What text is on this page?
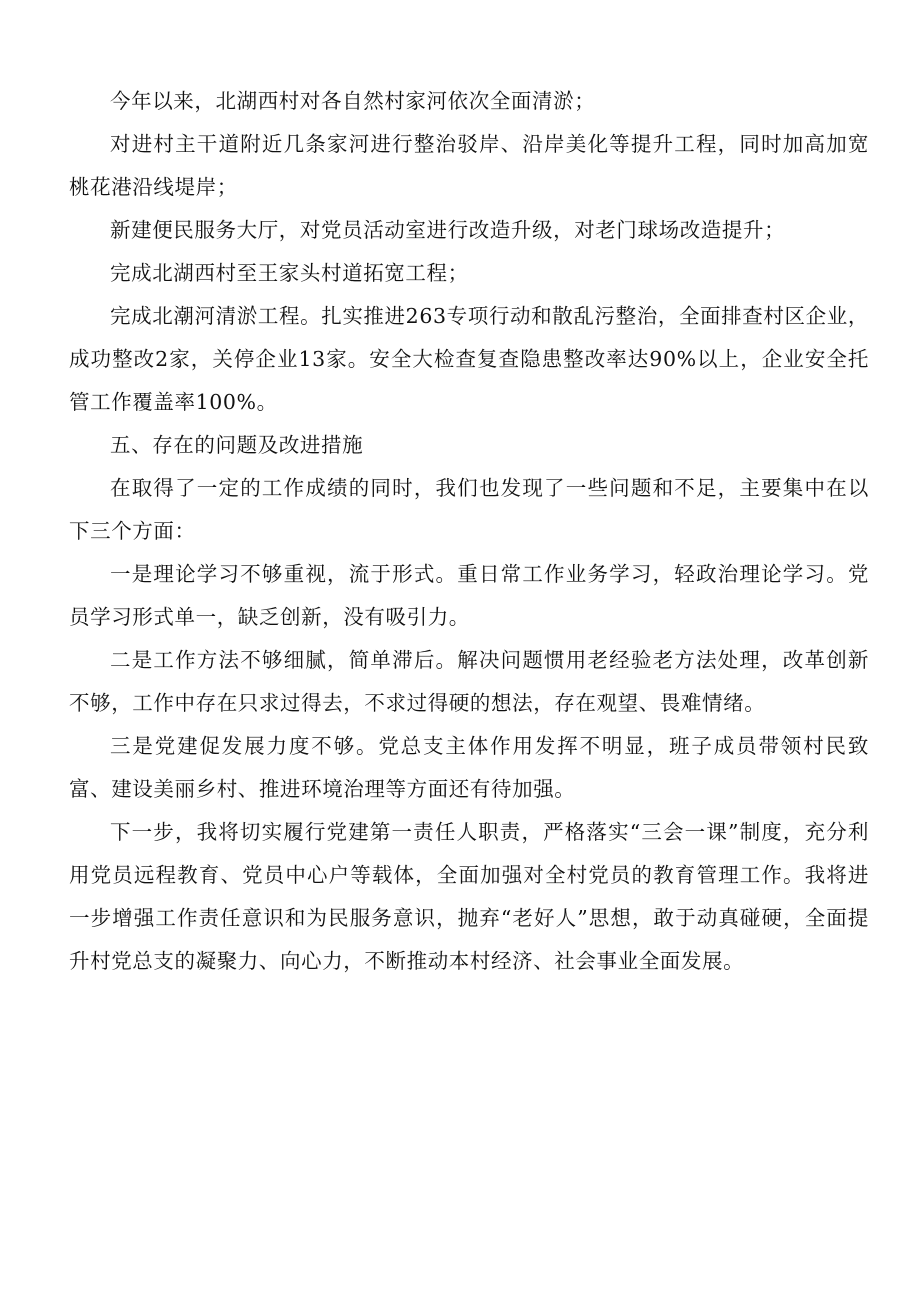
今年以来，北湖西村对各自然村家河依次全面清淤；

对进村主干道附近几条家河进行整治驳岸、沿岸美化等提升工程，同时加高加宽桃花港沿线堤岸；

新建便民服务大厅，对党员活动室进行改造升级，对老门球场改造提升；

完成北湖西村至王家头村道拓宽工程；

完成北潮河清淤工程。扎实推进263专项行动和散乱污整治，全面排查村区企业，成功整改2家，关停企业13家。安全大检查复查隐患整改率达90%以上，企业安全托管工作覆盖率100%。

五、存在的问题及改进措施

在取得了一定的工作成绩的同时，我们也发现了一些问题和不足，主要集中在以下三个方面：

一是理论学习不够重视，流于形式。重日常工作业务学习，轻政治理论学习。党员学习形式单一，缺乏创新，没有吸引力。

二是工作方法不够细腻，简单滞后。解决问题惯用老经验老方法处理，改革创新不够，工作中存在只求过得去，不求过得硬的想法，存在观望、畏难情绪。

三是党建促发展力度不够。党总支主体作用发挥不明显，班子成员带领村民致富、建设美丽乡村、推进环境治理等方面还有待加强。

下一步，我将切实履行党建第一责任人职责，严格落实“三会一课”制度，充分利用党员远程教育、党员中心户等载体，全面加强对全村党员的教育管理工作。我将进一步增强工作责任意识和为民服务意识，抛弃“老好人”思想，敢于动真碰硬，全面提升村党总支的凝聚力、向心力，不断推动本村经济、社会事业全面发展。
